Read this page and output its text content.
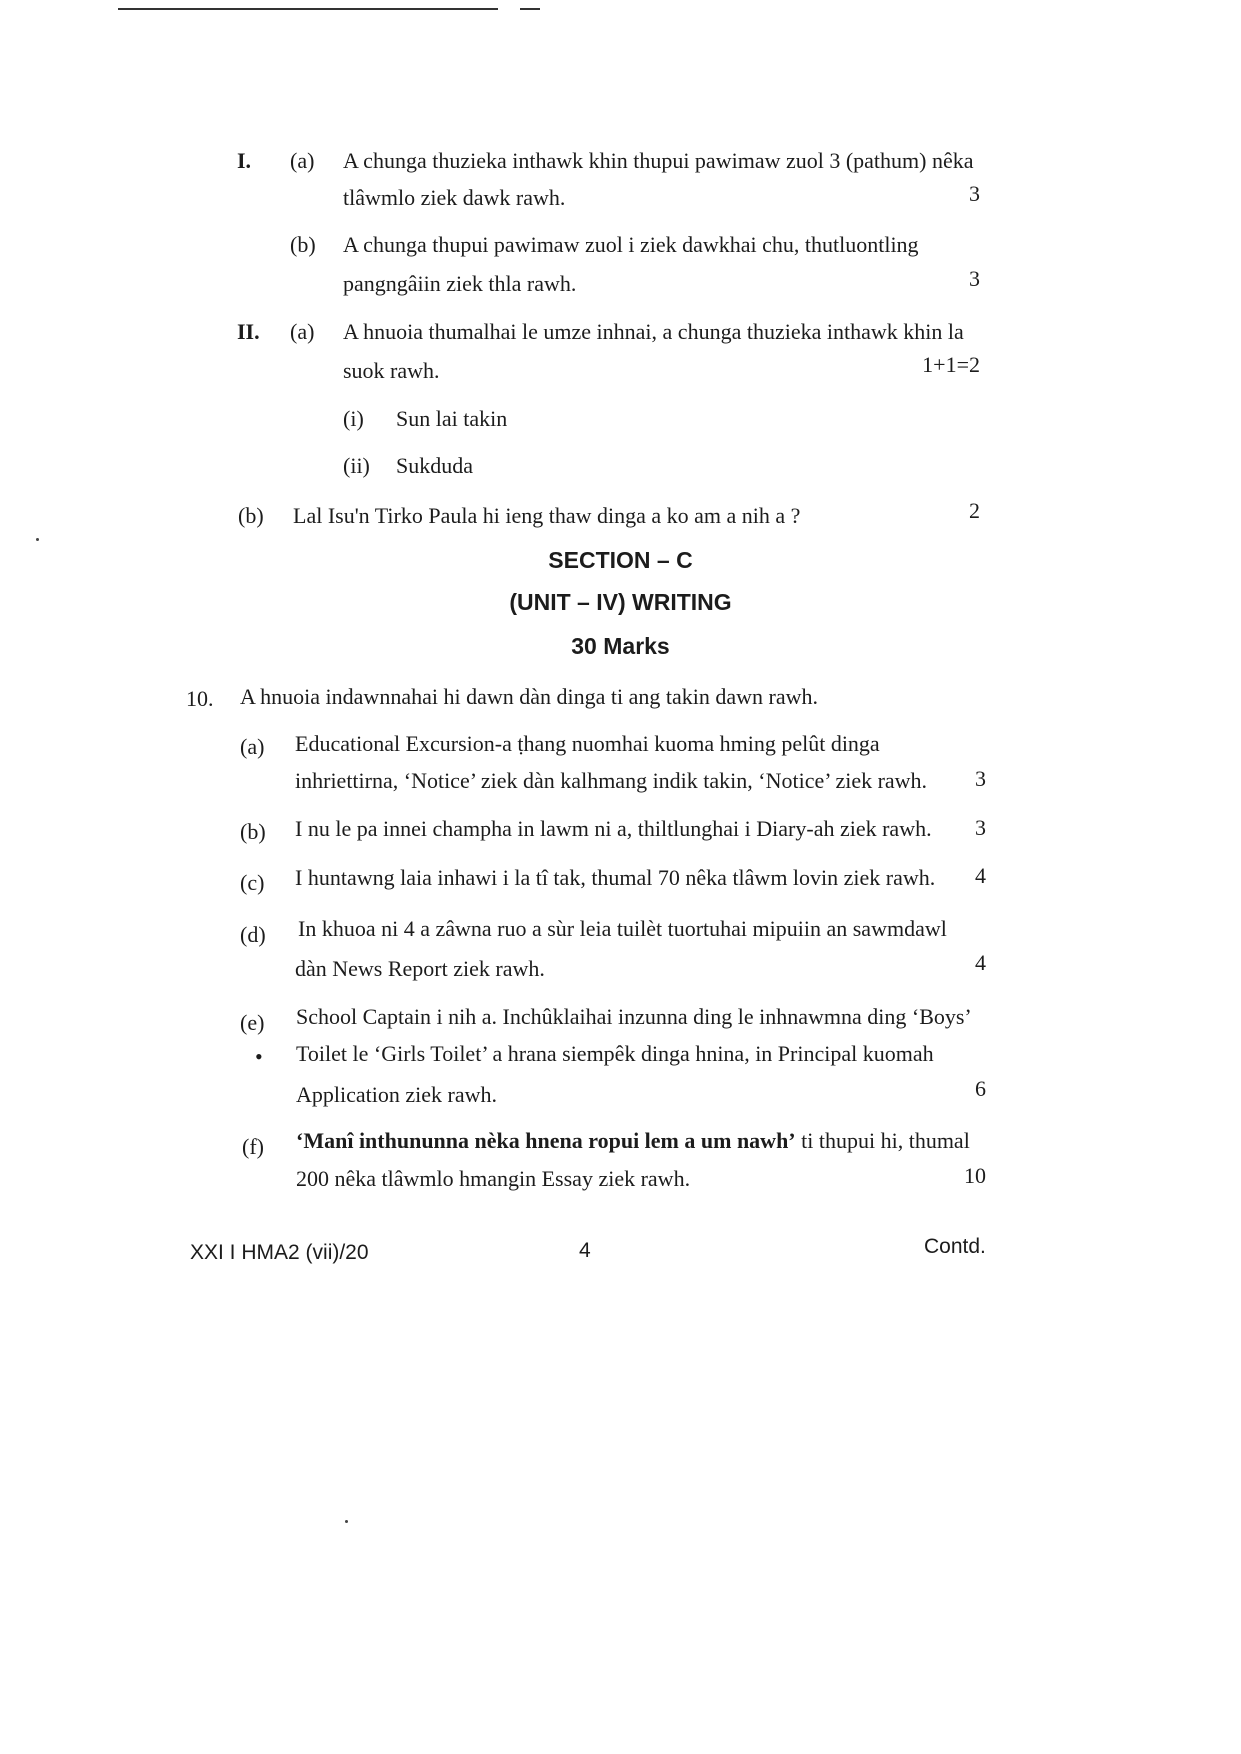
I. (a) A chunga thuzieka inthawk khin thupui pawimaw zuol 3 (pathum) nêka
tlâwmlo ziek dawk rawh.	3
(b) A chunga thupui pawimaw zuol i ziek dawkhai chu, thutluontling
pangngâiin ziek thla rawh.	3
II. (a) A hnuoia thumalhai le umze inhnai, a chunga thuzieka inthawk khin la
suok rawh.	1+1=2
(i) Sun lai takin
(ii) Sukduda
(b) Lal Isu'n Tirko Paula hi ieng thaw dinga a ko am a nih a ?	2
SECTION – C
(UNIT – IV) WRITING
30 Marks
10. A hnuoia indawnnahai hi dawn dàn dinga ti ang takin dawn rawh.
(a) Educational Excursion-a ṭhang nuomhai kuoma hming pelût dinga
inhriettirna, ‘Notice’ ziek dàn kalhmang indik takin, ‘Notice’ ziek rawh. 3
(b) I nu le pa innei champha in lawm ni a, thiltlunghai i Diary-ah ziek rawh. 3
(c) I huntawng laia inhawi i la tî tak, thumal 70 nêka tlâwm lovin ziek rawh. 4
(d) In khuoa ni 4 a zâwna ruo a sùr leia tuilèt tuortuhai mipuiin an sawmdawl
dàn News Report ziek rawh.	4
(e) School Captain i nih a. Inchûklaihai inzunna ding le inhnawmna ding ‘Boys’
• Toilet le ‘Girls Toilet’ a hrana siempêk dinga hnina, in Principal kuomah
Application ziek rawh.	6
(f) ‘Manî inthununna nèka hnena ropui lem a um nawh’ ti thupui hi, thumal
200 nêka tlâwmlo hmangin Essay ziek rawh.	10
XXI I HMA2 (vii)/20	4	Contd.
